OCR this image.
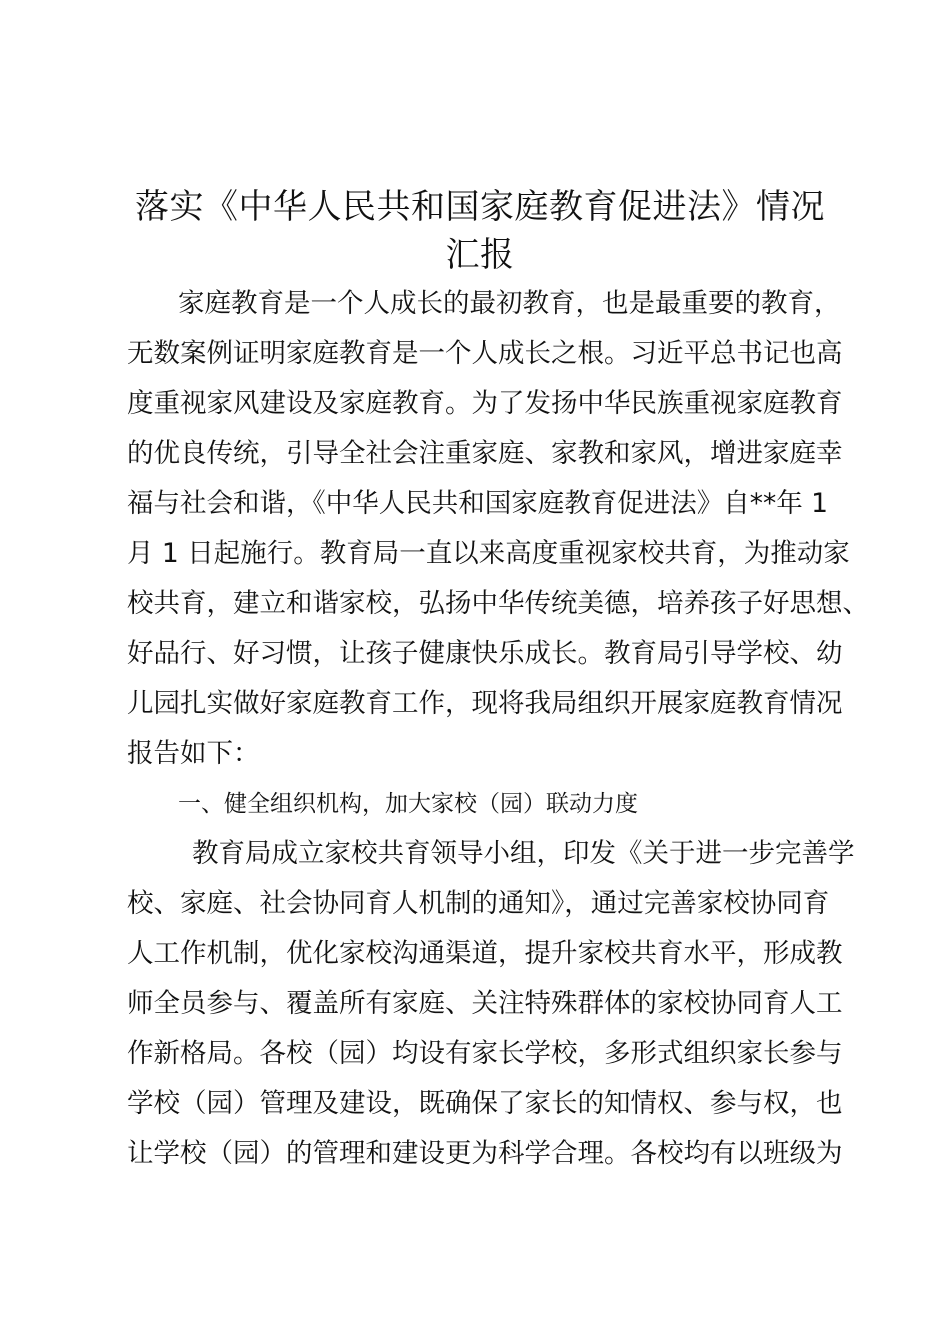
落实《中华人民共和国家庭教育促进法》情况
汇报

家庭教育是一个人成长的最初教育，也是最重要的教育，

无数案例证明家庭教育是一个人成长之根。习近平总书记也高

度重视家风建设及家庭教育。为了发扬中华民族重视家庭教育

的优良传统，引导全社会注重家庭、家教和家风，增进家庭幸

福与社会和谐，《中华人民共和国家庭教育促进法》自**年 1

月 1 日起施行。教育局一直以来高度重视家校共育，为推动家

校共育，建立和谐家校，弘扬中华传统美德，培养孩子好思想、

好品行、好习惯，让孩子健康快乐成长。教育局引导学校、幼

儿园扎实做好家庭教育工作，现将我局组织开展家庭教育情况

报告如下：

一、健全组织机构，加大家校（园）联动力度

教育局成立家校共育领导小组，印发《关于进一步完善学

校、家庭、社会协同育人机制的通知》，通过完善家校协同育

人工作机制，优化家校沟通渠道，提升家校共育水平，形成教

师全员参与、覆盖所有家庭、关注特殊群体的家校协同育人工

作新格局。各校（园）均设有家长学校，多形式组织家长参与

学校（园）管理及建设，既确保了家长的知情权、参与权，也

让学校（园）的管理和建设更为科学合理。各校均有以班级为
